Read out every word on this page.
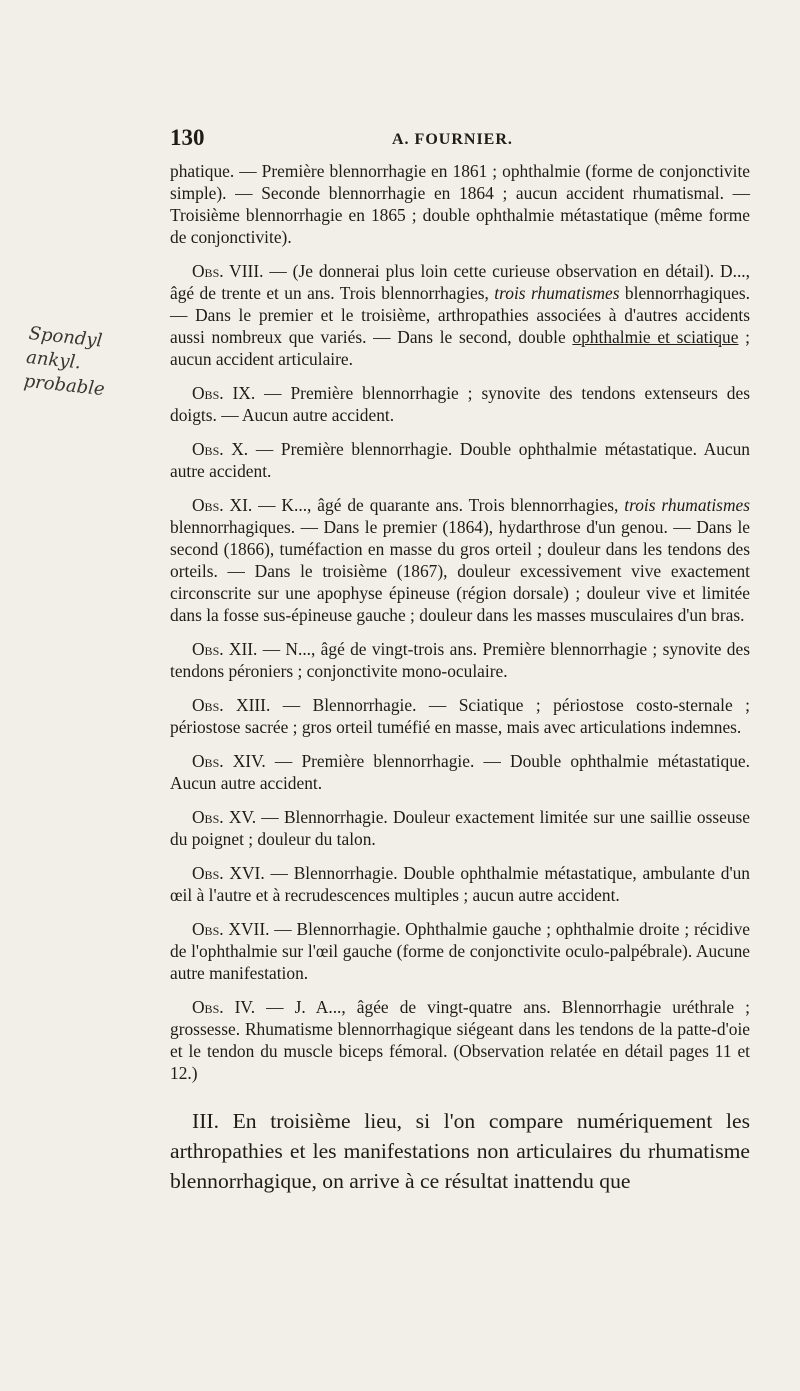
130	A. FOURNIER.
Spondyl
ankyl.
probable

phatique. — Première blennorrhagie en 1861 ; ophthalmie (forme de conjonctivite simple). — Seconde blennorrhagie en 1864 ; aucun accident rhumatismal. — Troisième blennorrhagie en 1865 ; double ophthalmie métastatique (même forme de conjonctivite).

Obs. VIII. — (Je donnerai plus loin cette curieuse observation en détail). D..., âgé de trente et un ans. Trois blennorrhagies, trois rhumatismes blennorrhagiques. — Dans le premier et le troisième, arthropathies associées à d'autres accidents aussi nombreux que variés. — Dans le second, double ophthalmie et sciatique ; aucun accident articulaire.

Obs. IX. — Première blennorrhagie ; synovite des tendons extenseurs des doigts. — Aucun autre accident.

Obs. X. — Première blennorrhagie. Double ophthalmie métastatique. Aucun autre accident.

Obs. XI. — K..., âgé de quarante ans. Trois blennorrhagies, trois rhumatismes blennorrhagiques. — Dans le premier (1864), hydarthrose d'un genou. — Dans le second (1866), tuméfaction en masse du gros orteil ; douleur dans les tendons des orteils. — Dans le troisième (1867), douleur excessivement vive exactement circonscrite sur une apophyse épineuse (région dorsale) ; douleur vive et limitée dans la fosse sus-épineuse gauche ; douleur dans les masses musculaires d'un bras.

Obs. XII. — N..., âgé de vingt-trois ans. Première blennorrhagie ; synovite des tendons péroniers ; conjonctivite mono-oculaire.

Obs. XIII. — Blennorrhagie. — Sciatique ; périostose costo-sternale ; périostose sacrée ; gros orteil tuméfié en masse, mais avec articulations indemnes.

Obs. XIV. — Première blennorrhagie. — Double ophthalmie métastatique. Aucun autre accident.

Obs. XV. — Blennorrhagie. Douleur exactement limitée sur une saillie osseuse du poignet ; douleur du talon.

Obs. XVI. — Blennorrhagie. Double ophthalmie métastatique, ambulante d'un œil à l'autre et à recrudescences multiples ; aucun autre accident.

Obs. XVII. — Blennorrhagie. Ophthalmie gauche ; ophthalmie droite ; récidive de l'ophthalmie sur l'œil gauche (forme de conjonctivite oculo-palpébrale). Aucune autre manifestation.

Obs. IV. — J. A..., âgée de vingt-quatre ans. Blennorrhagie uréthrale ; grossesse. Rhumatisme blennorrhagique siégeant dans les tendons de la patte-d'oie et le tendon du muscle biceps fémoral. (Observation relatée en détail pages 11 et 12.)

III. En troisième lieu, si l'on compare numériquement les arthropathies et les manifestations non articulaires du rhumatisme blennorrhagique, on arrive à ce résultat inattendu que
